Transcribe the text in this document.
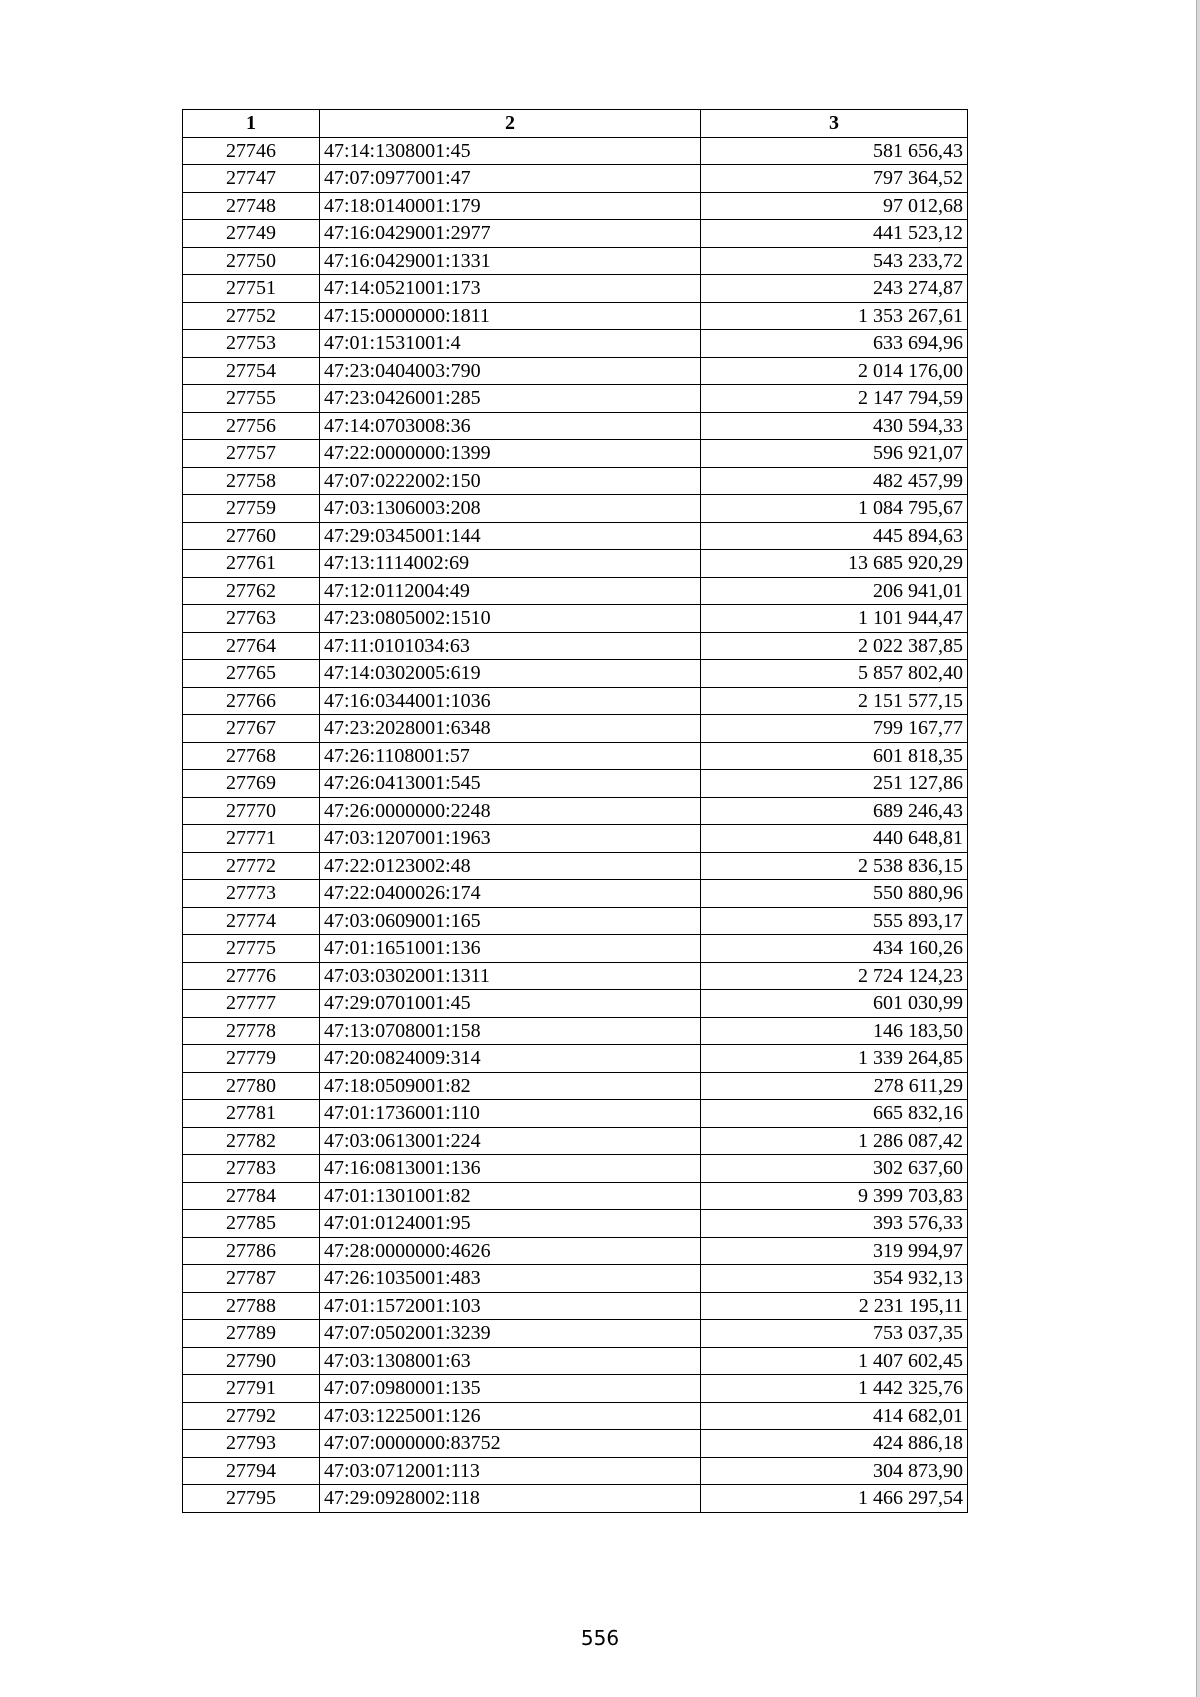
1	2	3
27746	47:14:1308001:45	581 656,43
27747	47:07:0977001:47	797 364,52
27748	47:18:0140001:179	97 012,68
27749	47:16:0429001:2977	441 523,12
27750	47:16:0429001:1331	543 233,72
27751	47:14:0521001:173	243 274,87
27752	47:15:0000000:1811	1 353 267,61
27753	47:01:1531001:4	633 694,96
27754	47:23:0404003:790	2 014 176,00
27755	47:23:0426001:285	2 147 794,59
27756	47:14:0703008:36	430 594,33
27757	47:22:0000000:1399	596 921,07
27758	47:07:0222002:150	482 457,99
27759	47:03:1306003:208	1 084 795,67
27760	47:29:0345001:144	445 894,63
27761	47:13:1114002:69	13 685 920,29
27762	47:12:0112004:49	206 941,01
27763	47:23:0805002:1510	1 101 944,47
27764	47:11:0101034:63	2 022 387,85
27765	47:14:0302005:619	5 857 802,40
27766	47:16:0344001:1036	2 151 577,15
27767	47:23:2028001:6348	799 167,77
27768	47:26:1108001:57	601 818,35
27769	47:26:0413001:545	251 127,86
27770	47:26:0000000:2248	689 246,43
27771	47:03:1207001:1963	440 648,81
27772	47:22:0123002:48	2 538 836,15
27773	47:22:0400026:174	550 880,96
27774	47:03:0609001:165	555 893,17
27775	47:01:1651001:136	434 160,26
27776	47:03:0302001:1311	2 724 124,23
27777	47:29:0701001:45	601 030,99
27778	47:13:0708001:158	146 183,50
27779	47:20:0824009:314	1 339 264,85
27780	47:18:0509001:82	278 611,29
27781	47:01:1736001:110	665 832,16
27782	47:03:0613001:224	1 286 087,42
27783	47:16:0813001:136	302 637,60
27784	47:01:1301001:82	9 399 703,83
27785	47:01:0124001:95	393 576,33
27786	47:28:0000000:4626	319 994,97
27787	47:26:1035001:483	354 932,13
27788	47:01:1572001:103	2 231 195,11
27789	47:07:0502001:3239	753 037,35
27790	47:03:1308001:63	1 407 602,45
27791	47:07:0980001:135	1 442 325,76
27792	47:03:1225001:126	414 682,01
27793	47:07:0000000:83752	424 886,18
27794	47:03:0712001:113	304 873,90
27795	47:29:0928002:118	1 466 297,54
556
